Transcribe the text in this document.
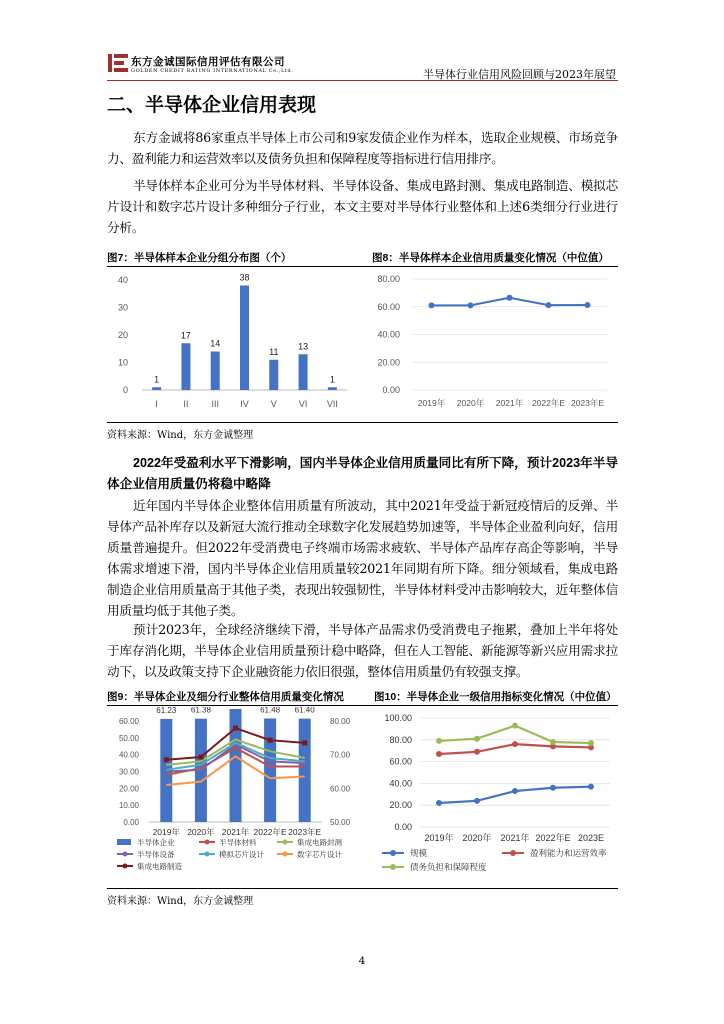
东方金诚国际信用评估有限公司
GOLDEN CREDIT RATING INTERNATIONAL Co.,Ltd.	半导体行业信用风险回顾与2023年展望
二、半导体企业信用表现
东方金诚将86家重点半导体上市公司和9家发债企业作为样本，选取企业规模、市场竞争力、盈利能力和运营效率以及债务负担和保障程度等指标进行信用排序。
半导体样本企业可分为半导体材料、半导体设备、集成电路封测、集成电路制造、模拟芯片设计和数字芯片设计多种细分子行业，本文主要对半导体行业整体和上述6类细分行业进行分析。
图7：半导体样本企业分组分布图（个）	图8：半导体样本企业信用质量变化情况（中位值）
0
10
20
30
40
I	II	III IV V VI VII
1
17
14
38
11
13
1
0.00
20.00
40.00
60.00
80.00
2019年 2020年 2021年 2022年E 2023年E
资料来源：Wind，东方金诚整理
2022年受盈利水平下滑影响，国内半导体企业信用质量同比有所下降，预计2023年半导体企业信用质量仍将稳中略降
近年国内半导体企业整体信用质量有所波动，其中2021年受益于新冠疫情后的反弹、半导体产品补库存以及新冠大流行推动全球数字化发展趋势加速等，半导体企业盈利向好，信用质量普遍提升。但2022年受消费电子终端市场需求疲软、半导体产品库存高企等影响，半导体需求增速下滑，国内半导体企业信用质量较2021年同期有所下降。细分领域看，集成电路制造企业信用质量高于其他子类，表现出较强韧性，半导体材料受冲击影响较大，近年整体信用质量均低于其他子类。
预计2023年，全球经济继续下滑，半导体产品需求仍受消费电子拖累，叠加上半年将处于库存消化期，半导体企业信用质量预计稳中略降，但在人工智能、新能源等新兴应用需求拉动下，以及政策支持下企业融资能力依旧很强，整体信用质量仍有较强支撑。
图9：半导体企业及细分行业整体信用质量变化情况	图10：半导体企业一级信用指标变化情况（中位值）
0.00
10.00
20.00
30.00
40.00
50.00
60.00
50.00
60.00
70.00
80.00
2019年 2020年 2021年 2022年E 2023年E
61.23 61.38	61.48 61.40
半导体企业	半导体材料	集成电路封测
半导体设备	模拟芯片设计	数字芯片设计
集成电路制造
0.00
20.00
40.00
60.00
80.00
100.00
2019年 2020年 2021年 2022年E 2023E
规模	盈利能力和运营效率
债务负担和保障程度
资料来源：Wind，东方金诚整理
4
